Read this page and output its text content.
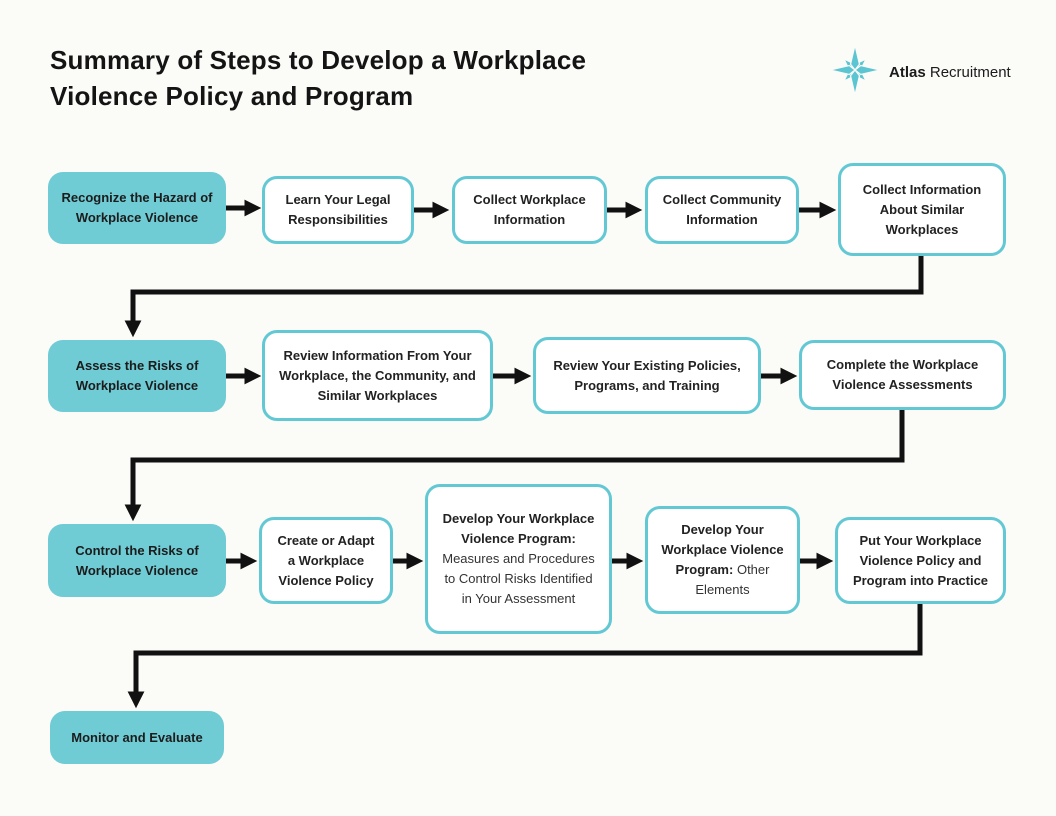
Summary of Steps to Develop a Workplace
Violence Policy and Program
Atlas Recruitment
Recognize the Hazard of Workplace Violence
Learn Your Legal Responsibilities
Collect Workplace Information
Collect Community Information
Collect Information About Similar Workplaces
Assess the Risks of Workplace Violence
Review Information From Your Workplace, the Community, and Similar Workplaces
Review Your Existing Policies, Programs, and Training
Complete the Workplace Violence Assessments
Control the Risks of Workplace Violence
Create or Adapt a Workplace Violence Policy
Develop Your Workplace Violence Program: Measures and Procedures to Control Risks Identified in Your Assessment
Develop Your Workplace Violence Program: Other Elements
Put Your Workplace Violence Policy and Program into Practice
Monitor and Evaluate
